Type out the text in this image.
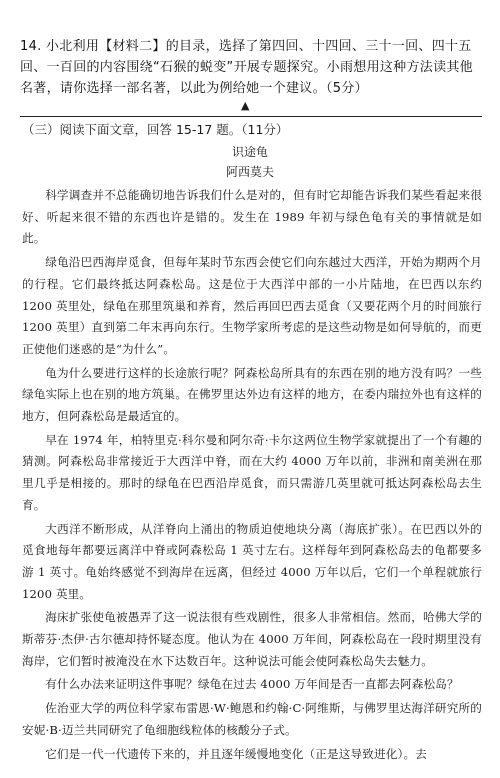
14. 小北利用【材料二】的目录，选择了第四回、十四回、三十一回、四十五回、一百回的内容围绕“石猴的蜕变”开展专题探究。小雨想用这种方法读其他名著，请你选择一部名著，以此为例给她一个建议。（5分）
▲
（三）阅读下面文章，回答 15-17 题。（11分）
识途龟
阿西莫夫

科学调查并不总能确切地告诉我们什么是对的，但有时它却能告诉我们某些看起来很好、听起来很不错的东西也许是错的。发生在 1989 年初与绿色龟有关的事情就是如此。

绿龟沿巴西海岸觅食，但每年某时节东西会使它们向东越过大西洋，开始为期两个月的行程。它们最终抵达阿森松岛。这是位于大西洋中部的一小片陆地，在巴西以东约 1200 英里处，绿龟在那里筑巢和养育，然后再回巴西去觅食（又要花两个月的时间旅行 1200 英里）直到第二年末再向东行。生物学家所考虑的是这些动物是如何导航的，而更正使他们迷惑的是“为什么”。

龟为什么要进行这样的长途旅行呢？阿森松岛所具有的东西在别的地方没有吗？一些绿龟实际上也在别的地方筑巢。在佛罗里达外边有这样的地方，在委内瑞拉外也有这样的地方，但阿森松岛是最适宜的。

早在 1974 年，柏特里克·科尔曼和阿尔奇·卡尔这两位生物学家就提出了一个有趣的猜测。阿森松岛非常接近于大西洋中脊，而在大约 4000 万年以前，非洲和南美洲在那里几乎是相接的。那时的绿龟在巴西沿岸觅食，而只需游几英里就可抵达阿森松岛去生育。

大西洋不断形成，从洋脊向上涌出的物质迫使地块分离（海底扩张）。在巴西以外的觅食地每年都要远离洋中脊或阿森松岛 1 英寸左右。这样每年到阿森松岛去的龟都要多游 1 英寸。龟始终感觉不到海岸在远离，但经过 4000 万年以后，它们一个单程就旅行 1200 英里。

海床扩张使龟被愚弄了这一说法很有些戏剧性，很多人非常相信。然而，哈佛大学的斯蒂芬·杰伊·古尔德却持怀疑态度。他认为在 4000 万年间，阿森松岛在一段时期里没有海岸，它们暂时被淹没在水下达数百年。这种说法可能会使阿森松岛失去魅力。

有什么办法来证明这件事呢？绿龟在过去 4000 万年间是否一直都去阿森松岛？

佐治亚大学的两位科学家布雷恩·W·鲍恩和约翰·C·阿维斯，与佛罗里达海洋研究所的安妮·B·迈兰共同研究了龟细胞线粒体的核酸分子式。

它们是一代一代遗传下来的，并且逐年缓慢地变化（正是这导致进化）。去
